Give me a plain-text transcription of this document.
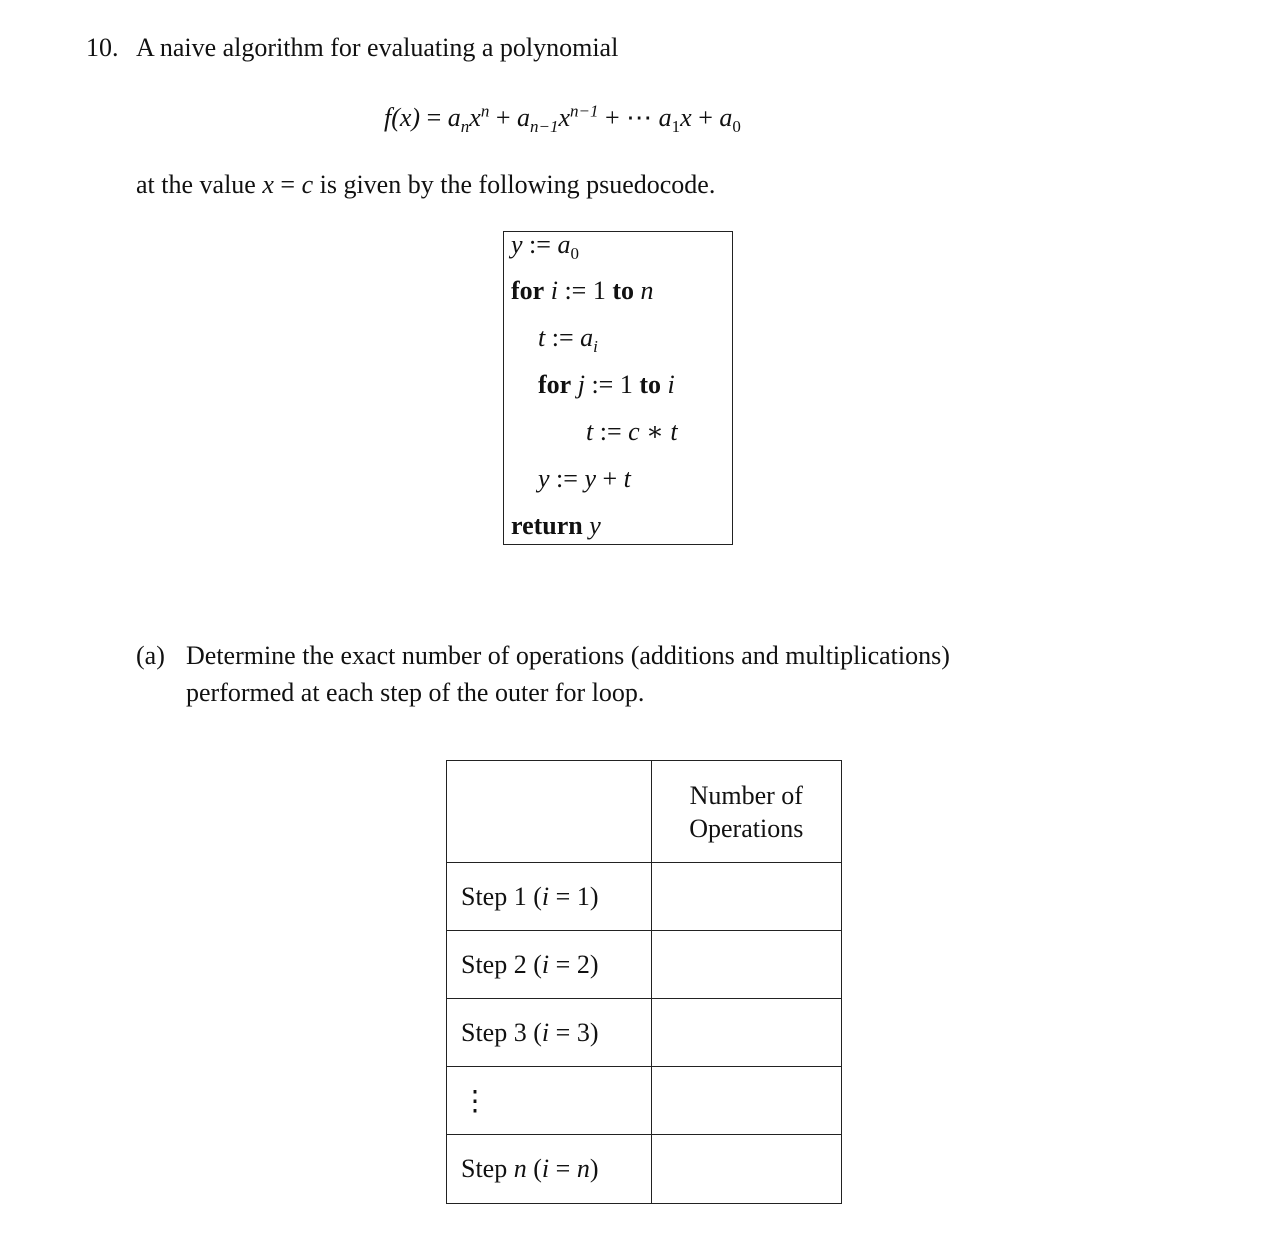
10. A naive algorithm for evaluating a polynomial
$f(x) = a_nx^n + a_{n-1}x^{n-1}$ + ⋯ $a_1x + a_0$
at the value x = c is given by the following psuedocode.
y := $a_0$
for i := 1 to n
t := $a_i$
for j := 1 to i
t := c ∗ t
y := y + t
return y
(a) Determine the exact number of operations (additions and multiplications)
performed at each step of the outer for loop.

	Number of
Operations

Step 1 (i = 1)	
Step 2 (i = 2)	
Step 3 (i = 3)	
⋮	
Step n (i = n)	
